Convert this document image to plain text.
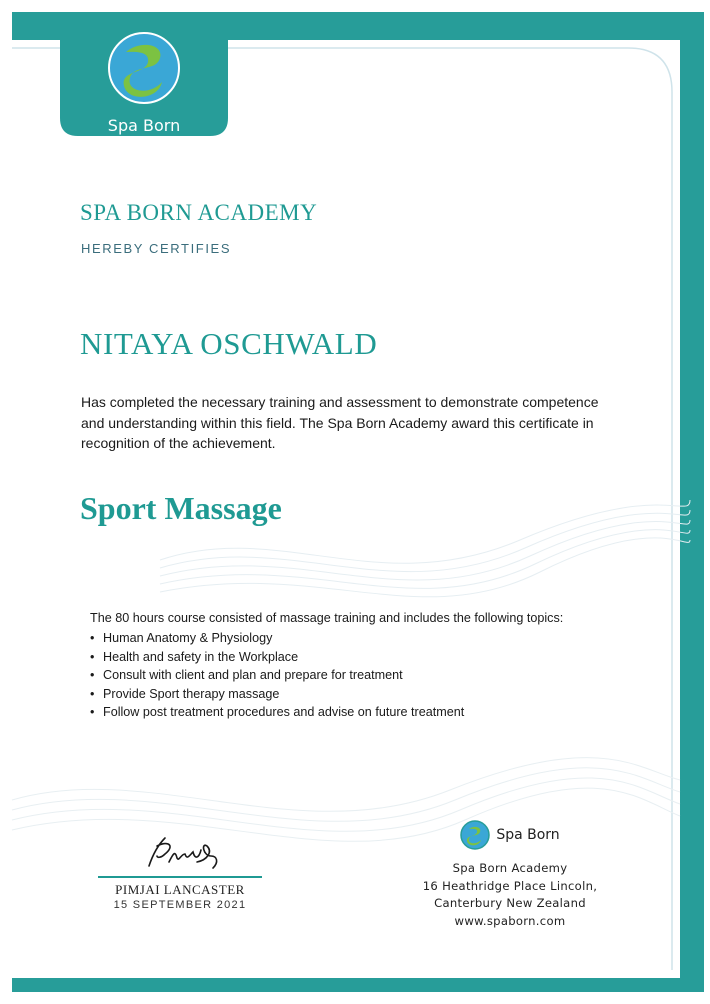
Spa Born
SPA BORN ACADEMY
HEREBY CERTIFIES
NITAYA OSCHWALD

Has completed the necessary training and assessment to demonstrate competence and understanding within this field. The Spa Born Academy award this certificate in recognition of the achievement.

Sport Massage

The 80 hours course consisted of massage training and includes the following topics:

• Human Anatomy & Physiology
• Health and safety in the Workplace
• Consult with client and plan and prepare for treatment
• Provide Sport therapy massage
• Follow post treatment procedures and advise on future treatment
PIMJAI LANCASTER
15 SEPTEMBER 2021
Spa Born
Spa Born Academy
16 Heathridge Place Lincoln,
Canterbury New Zealand
www.spaborn.com
